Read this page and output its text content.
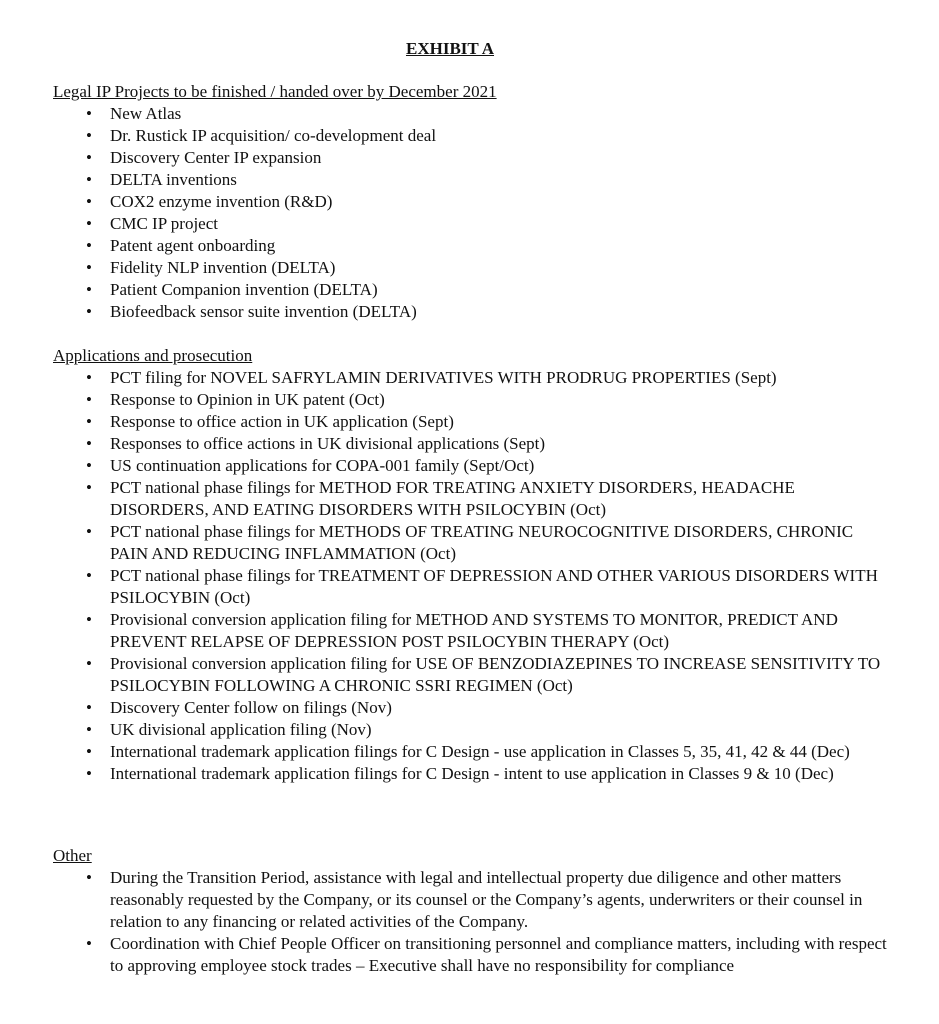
EXHIBIT A

Legal IP Projects to be finished / handed over by December 2021

• New Atlas
• Dr. Rustick IP acquisition/ co-development deal
• Discovery Center IP expansion
• DELTA inventions
• COX2 enzyme invention (R&D)
• CMC IP project
• Patent agent onboarding
• Fidelity NLP invention (DELTA)
• Patient Companion invention (DELTA)
• Biofeedback sensor suite invention (DELTA)

Applications and prosecution

• PCT filing for NOVEL SAFRYLAMIN DERIVATIVES WITH PRODRUG PROPERTIES (Sept)
• Response to Opinion in UK patent (Oct)
• Response to office action in UK application (Sept)
• Responses to office actions in UK divisional applications (Sept)
• US continuation applications for COPA-001 family (Sept/Oct)
• PCT national phase filings for METHOD FOR TREATING ANXIETY DISORDERS, HEADACHE DISORDERS, AND EATING DISORDERS WITH PSILOCYBIN (Oct)
• PCT national phase filings for METHODS OF TREATING NEUROCOGNITIVE DISORDERS, CHRONIC PAIN AND REDUCING INFLAMMATION (Oct)
• PCT national phase filings for TREATMENT OF DEPRESSION AND OTHER VARIOUS DISORDERS WITH PSILOCYBIN (Oct)
• Provisional conversion application filing for METHOD AND SYSTEMS TO MONITOR, PREDICT AND PREVENT RELAPSE OF DEPRESSION POST PSILOCYBIN THERAPY (Oct)
• Provisional conversion application filing for USE OF BENZODIAZEPINES TO INCREASE SENSITIVITY TO PSILOCYBIN FOLLOWING A CHRONIC SSRI REGIMEN (Oct)
• Discovery Center follow on filings (Nov)
• UK divisional application filing (Nov)
• International trademark application filings for C Design - use application in Classes 5, 35, 41, 42 & 44 (Dec)
• International trademark application filings for C Design - intent to use application in Classes 9 & 10 (Dec)

Other

• During the Transition Period, assistance with legal and intellectual property due diligence and other matters reasonably requested by the Company, or its counsel or the Company’s agents, underwriters or their counsel in relation to any financing or related activities of the Company.
• Coordination with Chief People Officer on transitioning personnel and compliance matters, including with respect to approving employee stock trades – Executive shall have no responsibility for compliance
